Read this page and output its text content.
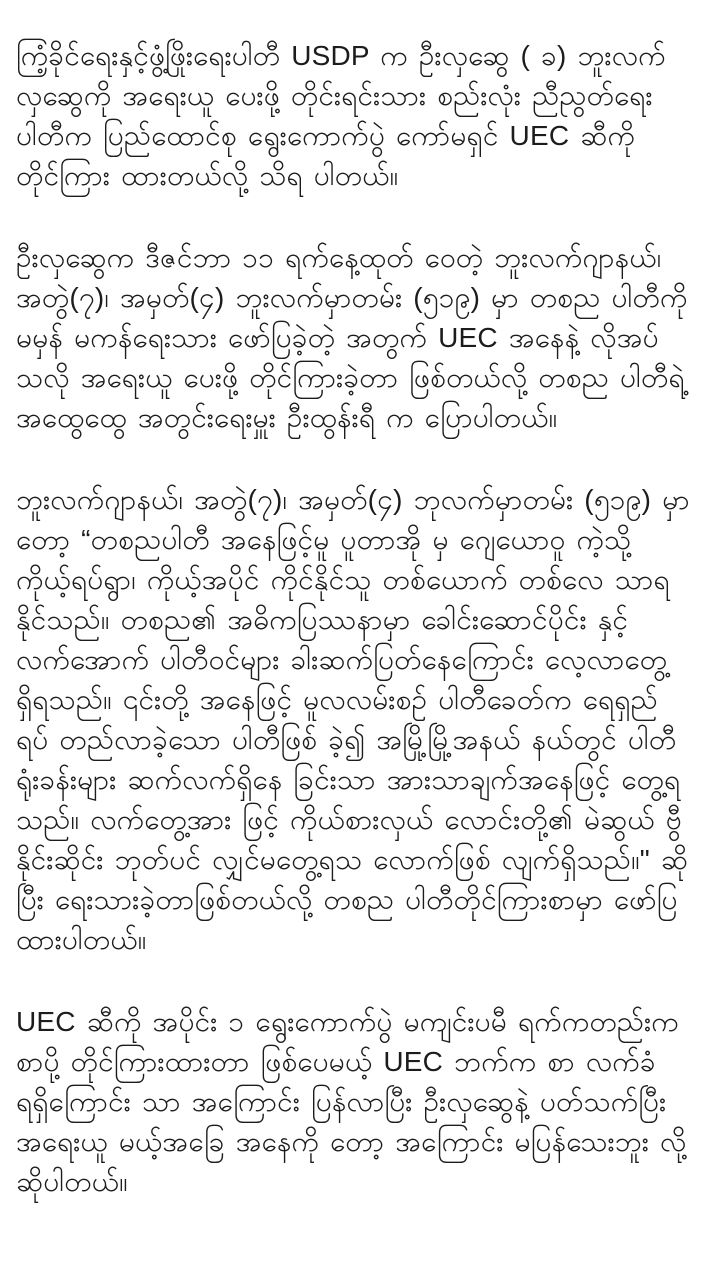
ကြံ့ခိုင်ရေးနှင့်ဖွံ့ဖြိုးရေးပါတီ USDP က ဦးလှဆွေ ( ခ) ဘူးလက် လှဆွေကို အရေးယူ ပေးဖို့ တိုင်းရင်းသား စည်းလုံး ညီညွတ်ရေး ပါတီက ပြည်ထောင်စု ရွေးကောက်ပွဲ ကော်မရှင် UEC ဆီကို တိုင်ကြား ထားတယ်လို့ သိရ ပါတယ်။

ဦးလှဆွေက ဒီဇင်ဘာ ၁၁ ရက်နေ့ထုတ် ဝေတဲ့ ဘူးလက်ဂျာနယ်၊ အတွဲ(၇)၊ အမှတ်(၄) ဘူးလက်မှာတမ်း (၅၁၉) မှာ တစည ပါတီကို မမှန် မကန်ရေးသား ဖော်ပြခဲ့တဲ့ အတွက် UEC အနေနဲ့ လိုအပ်သလို အရေးယူ ပေးဖို့ တိုင်ကြားခဲ့တာ ဖြစ်တယ်လို့ တစည ပါတီရဲ့ အထွေထွေ အတွင်းရေးမှူး ဦးထွန်းရီ က ပြောပါတယ်။

ဘူးလက်ဂျာနယ်၊ အတွဲ(၇)၊ အမှတ်(၄) ဘုလက်မှာတမ်း (၅၁၉) မှာတော့ “တစညပါတီ အနေဖြင့်မူ ပူတာအို မှ ဂျေယောဝူ ကဲ့သို့ ကိုယ့်ရပ်ရွာ၊ ကိုယ့်အပိုင် ကိုင်နိုင်သူ တစ်ယောက် တစ်လေ သာရနိုင်သည်။ တစည၏ အဓိကပြဿနာမှာ ခေါင်းဆောင်ပိုင်း နှင့် လက်အောက် ပါတီဝင်များ ခါးဆက်ပြတ်နေကြောင်း လေ့လာတွေ့ ရှိရသည်။ ၎င်းတို့ အနေဖြင့် မူလလမ်းစဉ် ပါတီခေတ်က ရေရှည်ရပ် တည်လာခဲ့သော ပါတီဖြစ် ခဲ့၍ အမြို့မြို့အနယ် နယ်တွင် ပါတီရုံးခန်းများ ဆက်လက်ရှိနေ ခြင်းသာ အားသာချက်အနေဖြင့် တွေ့ရသည်။ လက်တွေ့အား ဖြင့် ကိုယ်စားလှယ် လောင်းတို့၏ မဲဆွယ် ဗွီနိုင်းဆိုင်း ဘုတ်ပင် လျှင်မတွေ့ရသ လောက်ဖြစ် လျက်ရှိသည်။" ဆိုပြီး ရေးသားခဲ့တာဖြစ်တယ်လို့ တစည ပါတီတိုင်ကြားစာမှာ ဖော်ပြ ထားပါတယ်။

UEC ဆီကို အပိုင်း ၁ ရွေးကောက်ပွဲ မကျင်းပမီ ရက်ကတည်းက စာပို့ တိုင်ကြားထားတာ ဖြစ်ပေမယ့် UEC ဘက်က စာ လက်ခံ ရရှိကြောင်း သာ အကြောင်း ပြန်လာပြီး ဦးလှဆွေနဲ့ ပတ်သက်ပြီး အရေးယူ မယ့်အခြေ အနေကို တော့ အကြောင်း မပြန်သေးဘူး လို့ ဆိုပါတယ်။
